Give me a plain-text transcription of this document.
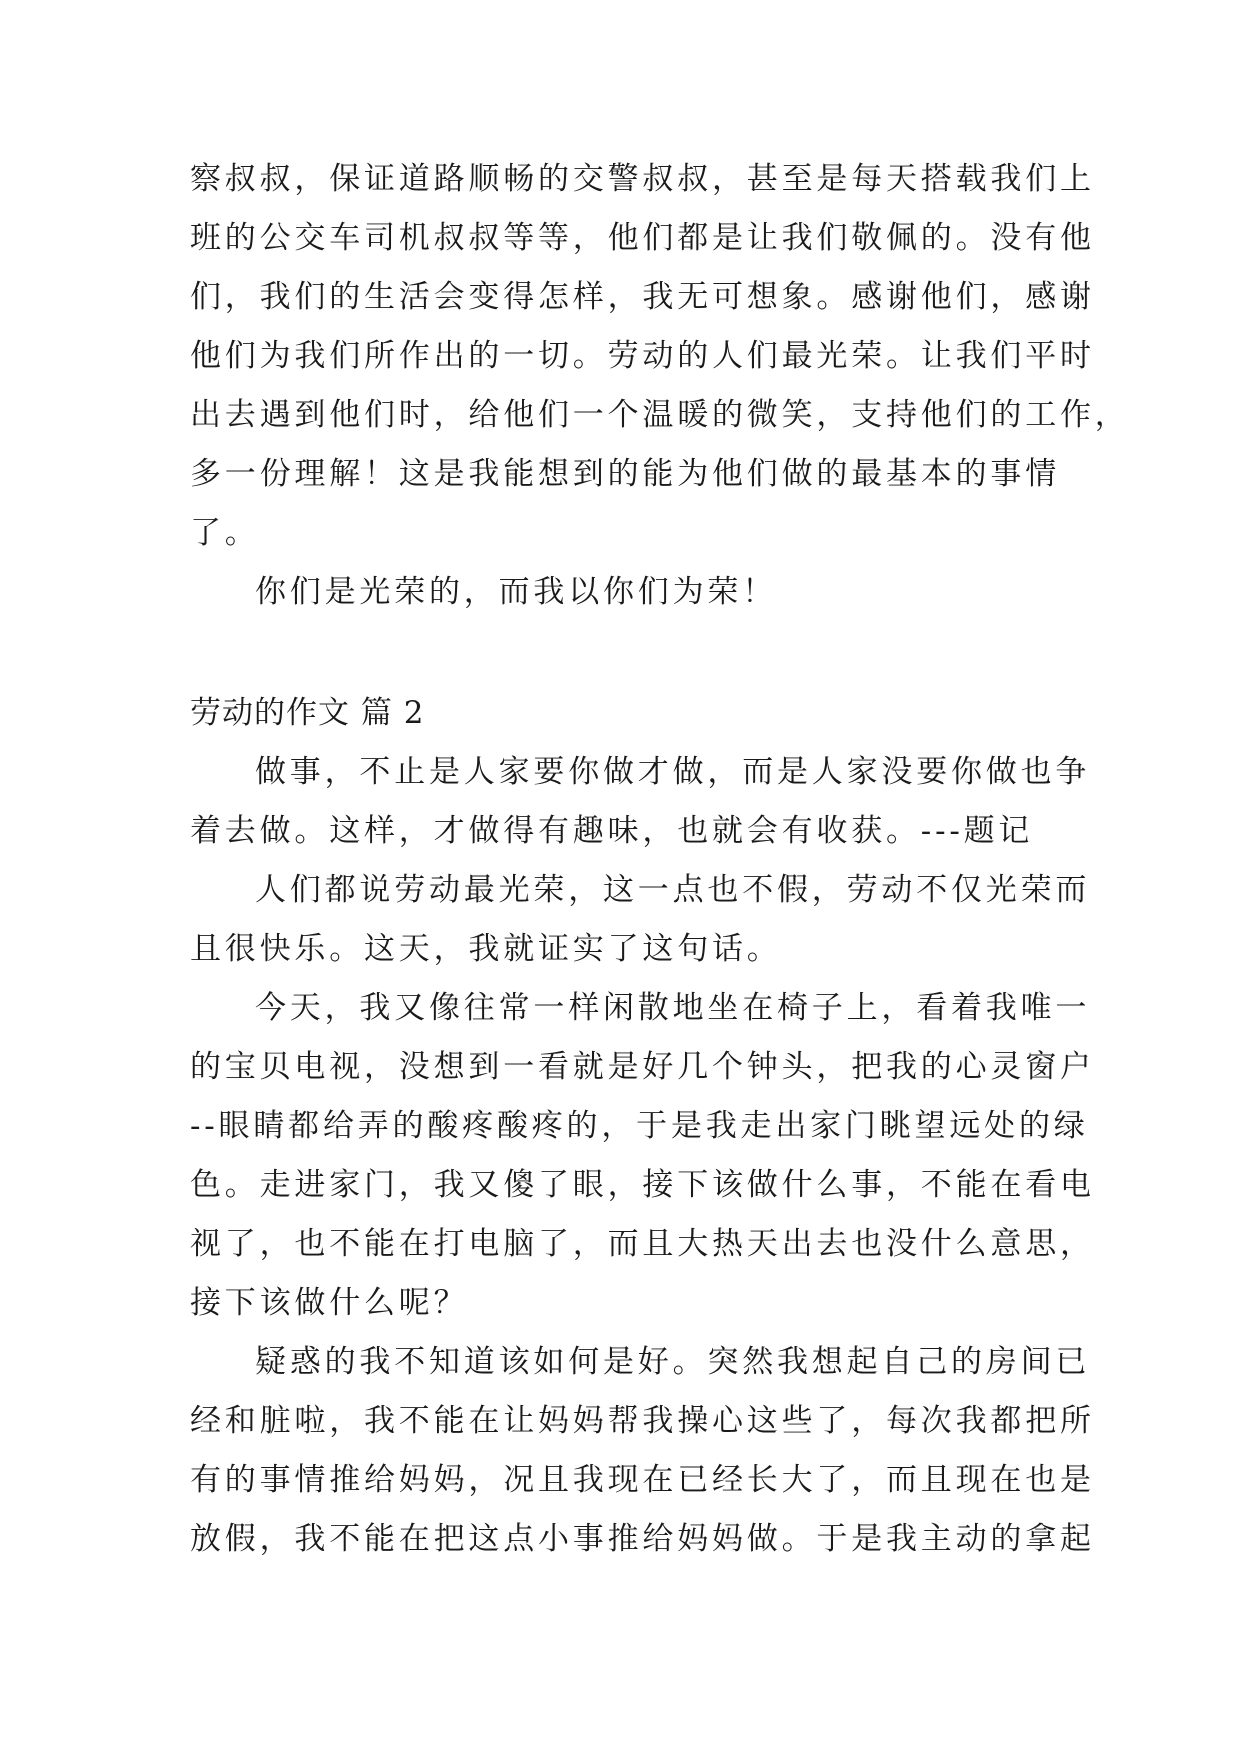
察叔叔，保证道路顺畅的交警叔叔，甚至是每天搭载我们上
班的公交车司机叔叔等等，他们都是让我们敬佩的。没有他
们，我们的生活会变得怎样，我无可想象。感谢他们，感谢
他们为我们所作出的一切。劳动的人们最光荣。让我们平时
出去遇到他们时，给他们一个温暖的微笑，支持他们的工作，
多一份理解！这是我能想到的能为他们做的最基本的事情
了。
你们是光荣的，而我以你们为荣！
劳动的作文 篇 2
做事，不止是人家要你做才做，而是人家没要你做也争
着去做。这样，才做得有趣味，也就会有收获。---题记
人们都说劳动最光荣，这一点也不假，劳动不仅光荣而
且很快乐。这天，我就证实了这句话。
今天，我又像往常一样闲散地坐在椅子上，看着我唯一
的宝贝电视，没想到一看就是好几个钟头，把我的心灵窗户
--眼睛都给弄的酸疼酸疼的，于是我走出家门眺望远处的绿
色。走进家门，我又傻了眼，接下该做什么事，不能在看电
视了，也不能在打电脑了，而且大热天出去也没什么意思，
接下该做什么呢？
疑惑的我不知道该如何是好。突然我想起自己的房间已
经和脏啦，我不能在让妈妈帮我操心这些了，每次我都把所
有的事情推给妈妈，况且我现在已经长大了，而且现在也是
放假，我不能在把这点小事推给妈妈做。于是我主动的拿起
